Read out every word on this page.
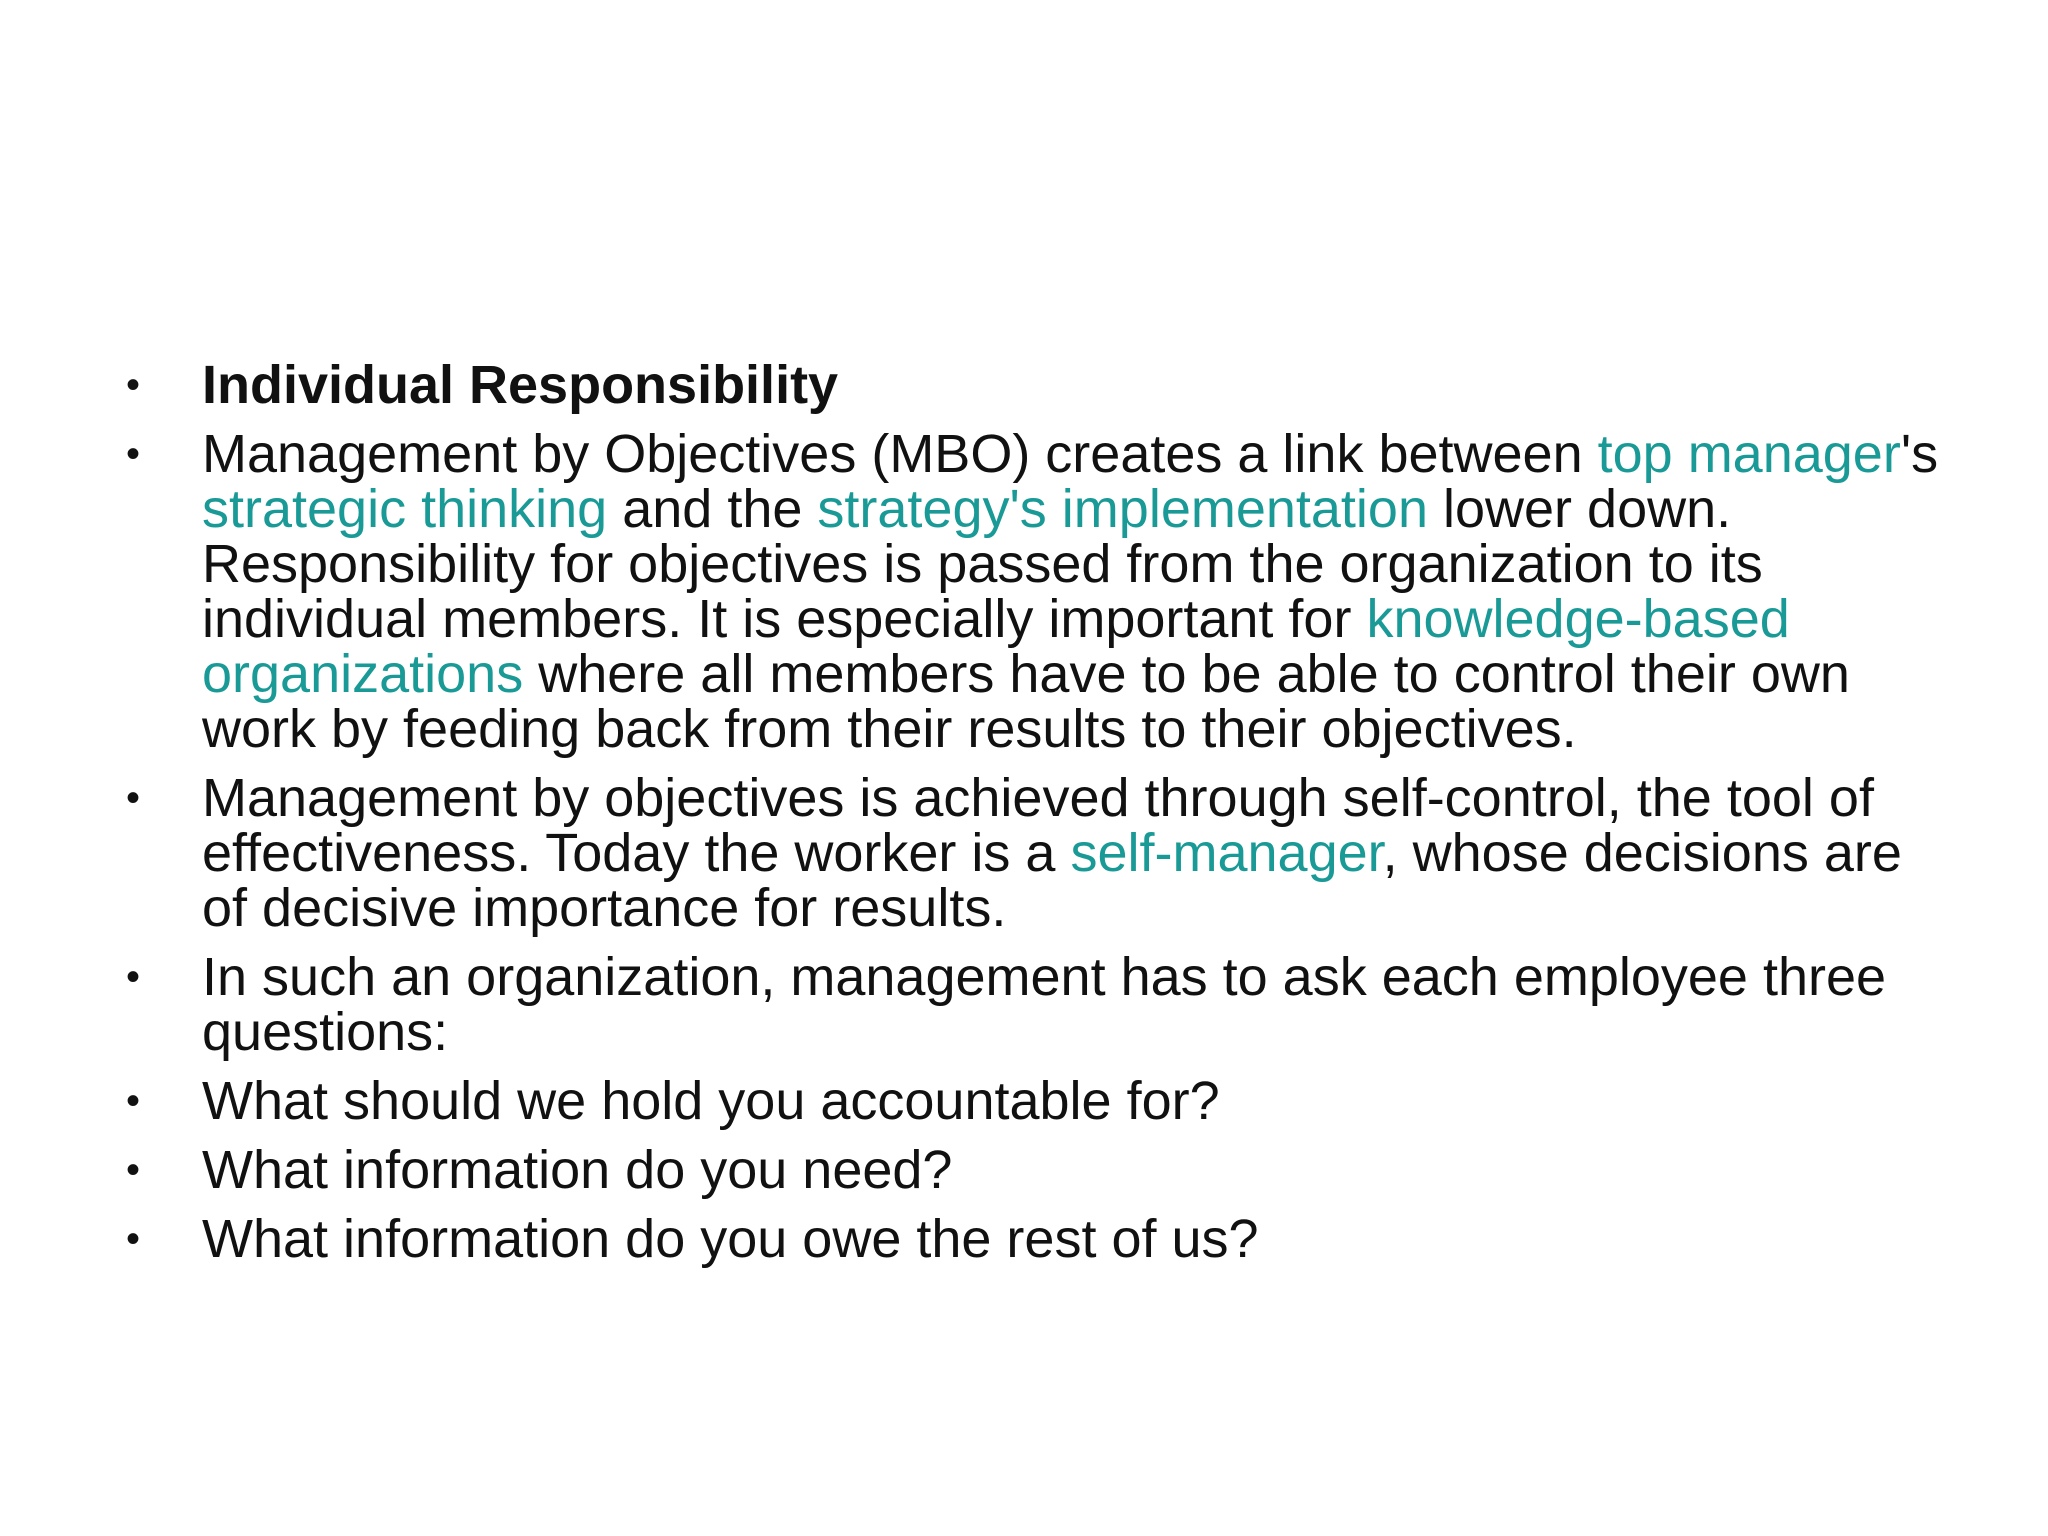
• Individual Responsibility
• Management by Objectives (MBO) creates a link between top manager's strategic thinking and the strategy's implementation lower down. Responsibility for objectives is passed from the organization to its individual members. It is especially important for knowledge-based organizations where all members have to be able to control their own work by feeding back from their results to their objectives.
• Management by objectives is achieved through self-control, the tool of effectiveness. Today the worker is a self-manager, whose decisions are of decisive importance for results.
• In such an organization, management has to ask each employee three questions:
• What should we hold you accountable for?
• What information do you need?
• What information do you owe the rest of us?
